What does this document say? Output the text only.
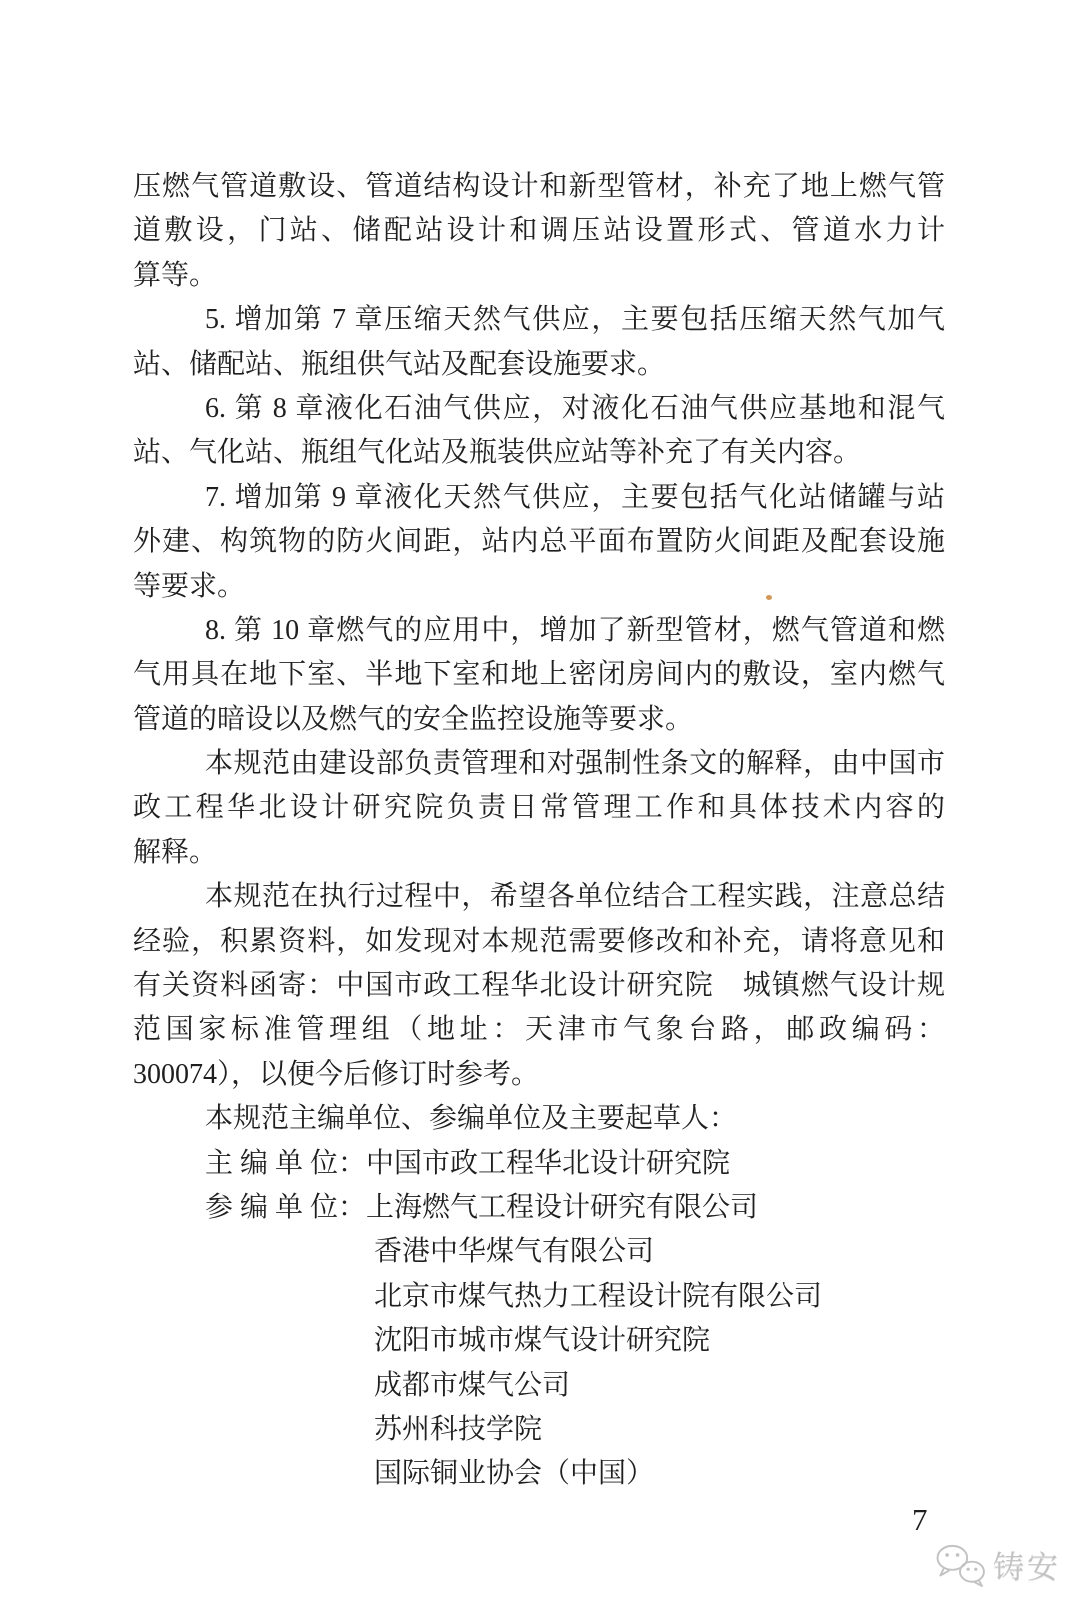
压燃气管道敷设、管道结构设计和新型管材，补充了地上燃气管
道敷设，门站、储配站设计和调压站设置形式、管道水力计
算等。
5. 增加第 7 章压缩天然气供应，主要包括压缩天然气加气
站、储配站、瓶组供气站及配套设施要求。
6. 第 8 章液化石油气供应，对液化石油气供应基地和混气
站、气化站、瓶组气化站及瓶装供应站等补充了有关内容。
7. 增加第 9 章液化天然气供应，主要包括气化站储罐与站
外建、构筑物的防火间距，站内总平面布置防火间距及配套设施
等要求。
8. 第 10 章燃气的应用中，增加了新型管材，燃气管道和燃
气用具在地下室、半地下室和地上密闭房间内的敷设，室内燃气
管道的暗设以及燃气的安全监控设施等要求。
本规范由建设部负责管理和对强制性条文的解释，由中国市
政工程华北设计研究院负责日常管理工作和具体技术内容的
解释。
本规范在执行过程中，希望各单位结合工程实践，注意总结
经验，积累资料，如发现对本规范需要修改和补充，请将意见和
有关资料函寄：中国市政工程华北设计研究院　城镇燃气设计规
范国家标准管理组（地址：天津市气象台路，邮政编码：
300074），以便今后修订时参考。
本规范主编单位、参编单位及主要起草人：
主 编 单 位：中国市政工程华北设计研究院
参 编 单 位：上海燃气工程设计研究有限公司
香港中华煤气有限公司
北京市煤气热力工程设计院有限公司
沈阳市城市煤气设计研究院
成都市煤气公司
苏州科技学院
国际铜业协会（中国）
7
铸安
